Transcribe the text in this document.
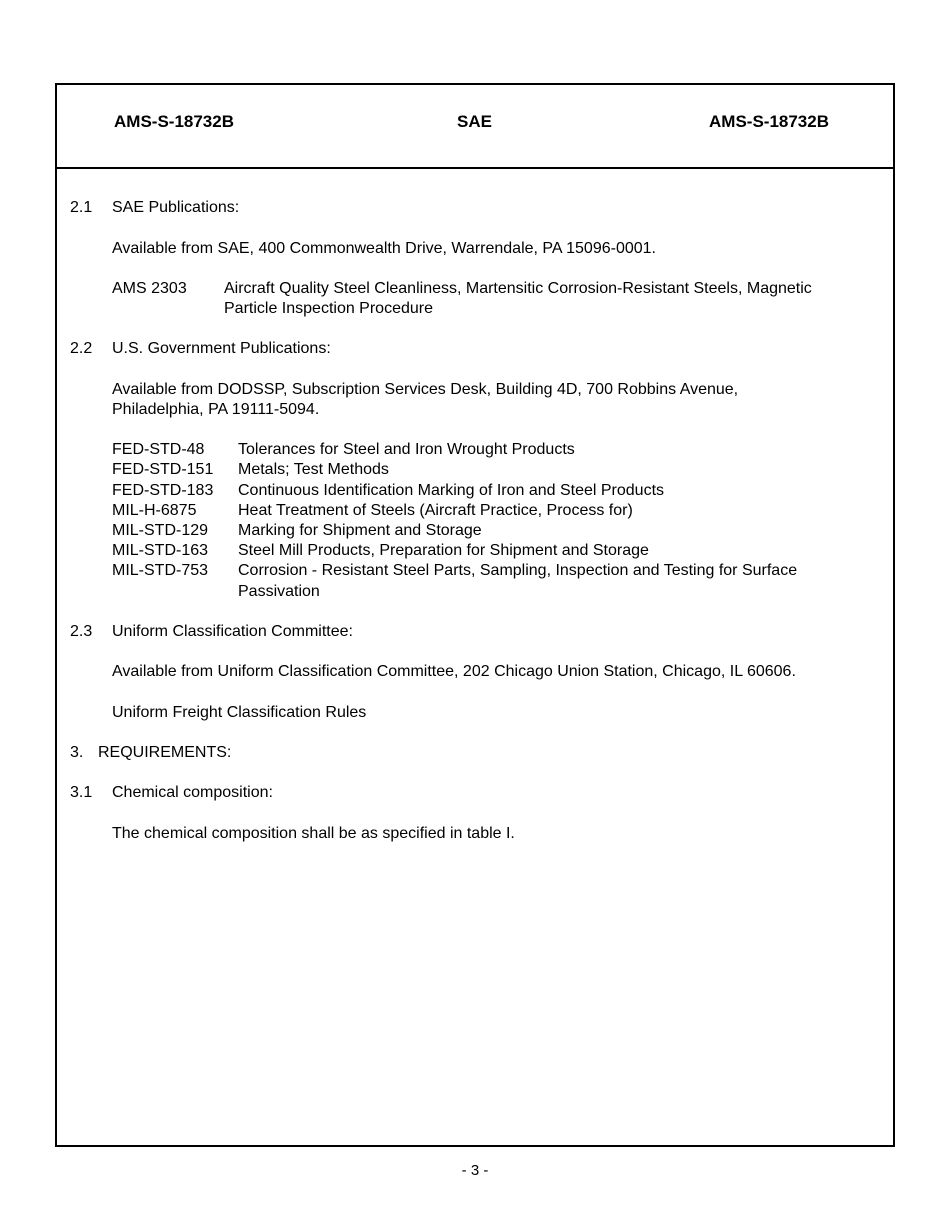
AMS-S-18732B	SAE	AMS-S-18732B
2.1 SAE Publications:
Available from SAE, 400 Commonwealth Drive, Warrendale, PA 15096-0001.
AMS 2303 Aircraft Quality Steel Cleanliness, Martensitic Corrosion-Resistant Steels, Magnetic
Particle Inspection Procedure
2.2 U.S. Government Publications:
Available from DODSSP, Subscription Services Desk, Building 4D, 700 Robbins Avenue,
Philadelphia, PA 19111-5094.
FED-STD-48 Tolerances for Steel and Iron Wrought Products
FED-STD-151 Metals; Test Methods
FED-STD-183 Continuous Identification Marking of Iron and Steel Products
MIL-H-6875	Heat Treatment of Steels (Aircraft Practice, Process for)
MIL-STD-129 Marking for Shipment and Storage
MIL-STD-163 Steel Mill Products, Preparation for Shipment and Storage
MIL-STD-753 Corrosion - Resistant Steel Parts, Sampling, Inspection and Testing for Surface
Passivation
2.3 Uniform Classification Committee:
Available from Uniform Classification Committee, 202 Chicago Union Station, Chicago, IL 60606.
Uniform Freight Classification Rules
3. REQUIREMENTS:
3.1 Chemical composition:
The chemical composition shall be as specified in table I.
- 3 -
